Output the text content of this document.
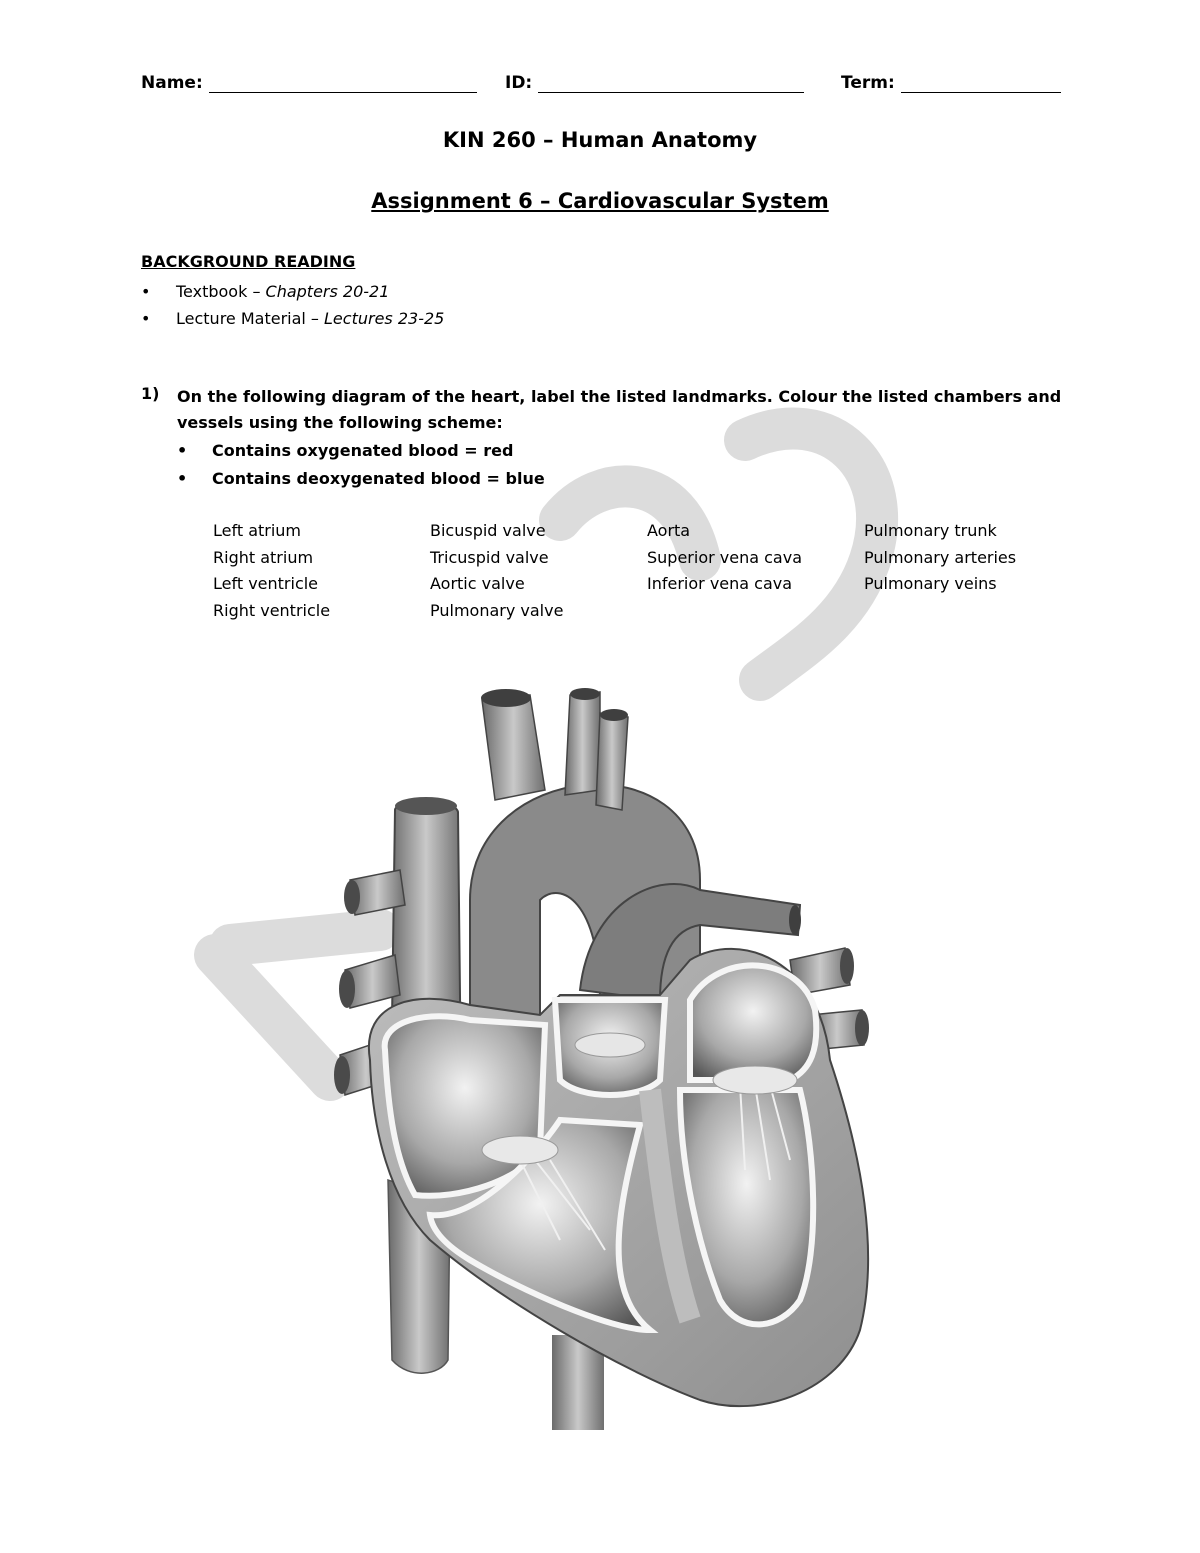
Name:	ID:	Term:
KIN 260 – Human Anatomy
Assignment 6 – Cardiovascular System
BACKGROUND READING
• Textbook – Chapters 20-21
• Lecture Material – Lectures 23-25
1) On the following diagram of the heart, label the listed landmarks. Colour the listed chambers and vessels using the following scheme:
• Contains oxygenated blood = red
• Contains deoxygenated blood = blue
Left atrium
Right atrium
Left ventricle
Right ventricle
Bicuspid valve
Tricuspid valve
Aortic valve
Pulmonary valve
Aorta
Superior vena cava
Inferior vena cava
Pulmonary trunk
Pulmonary arteries
Pulmonary veins
